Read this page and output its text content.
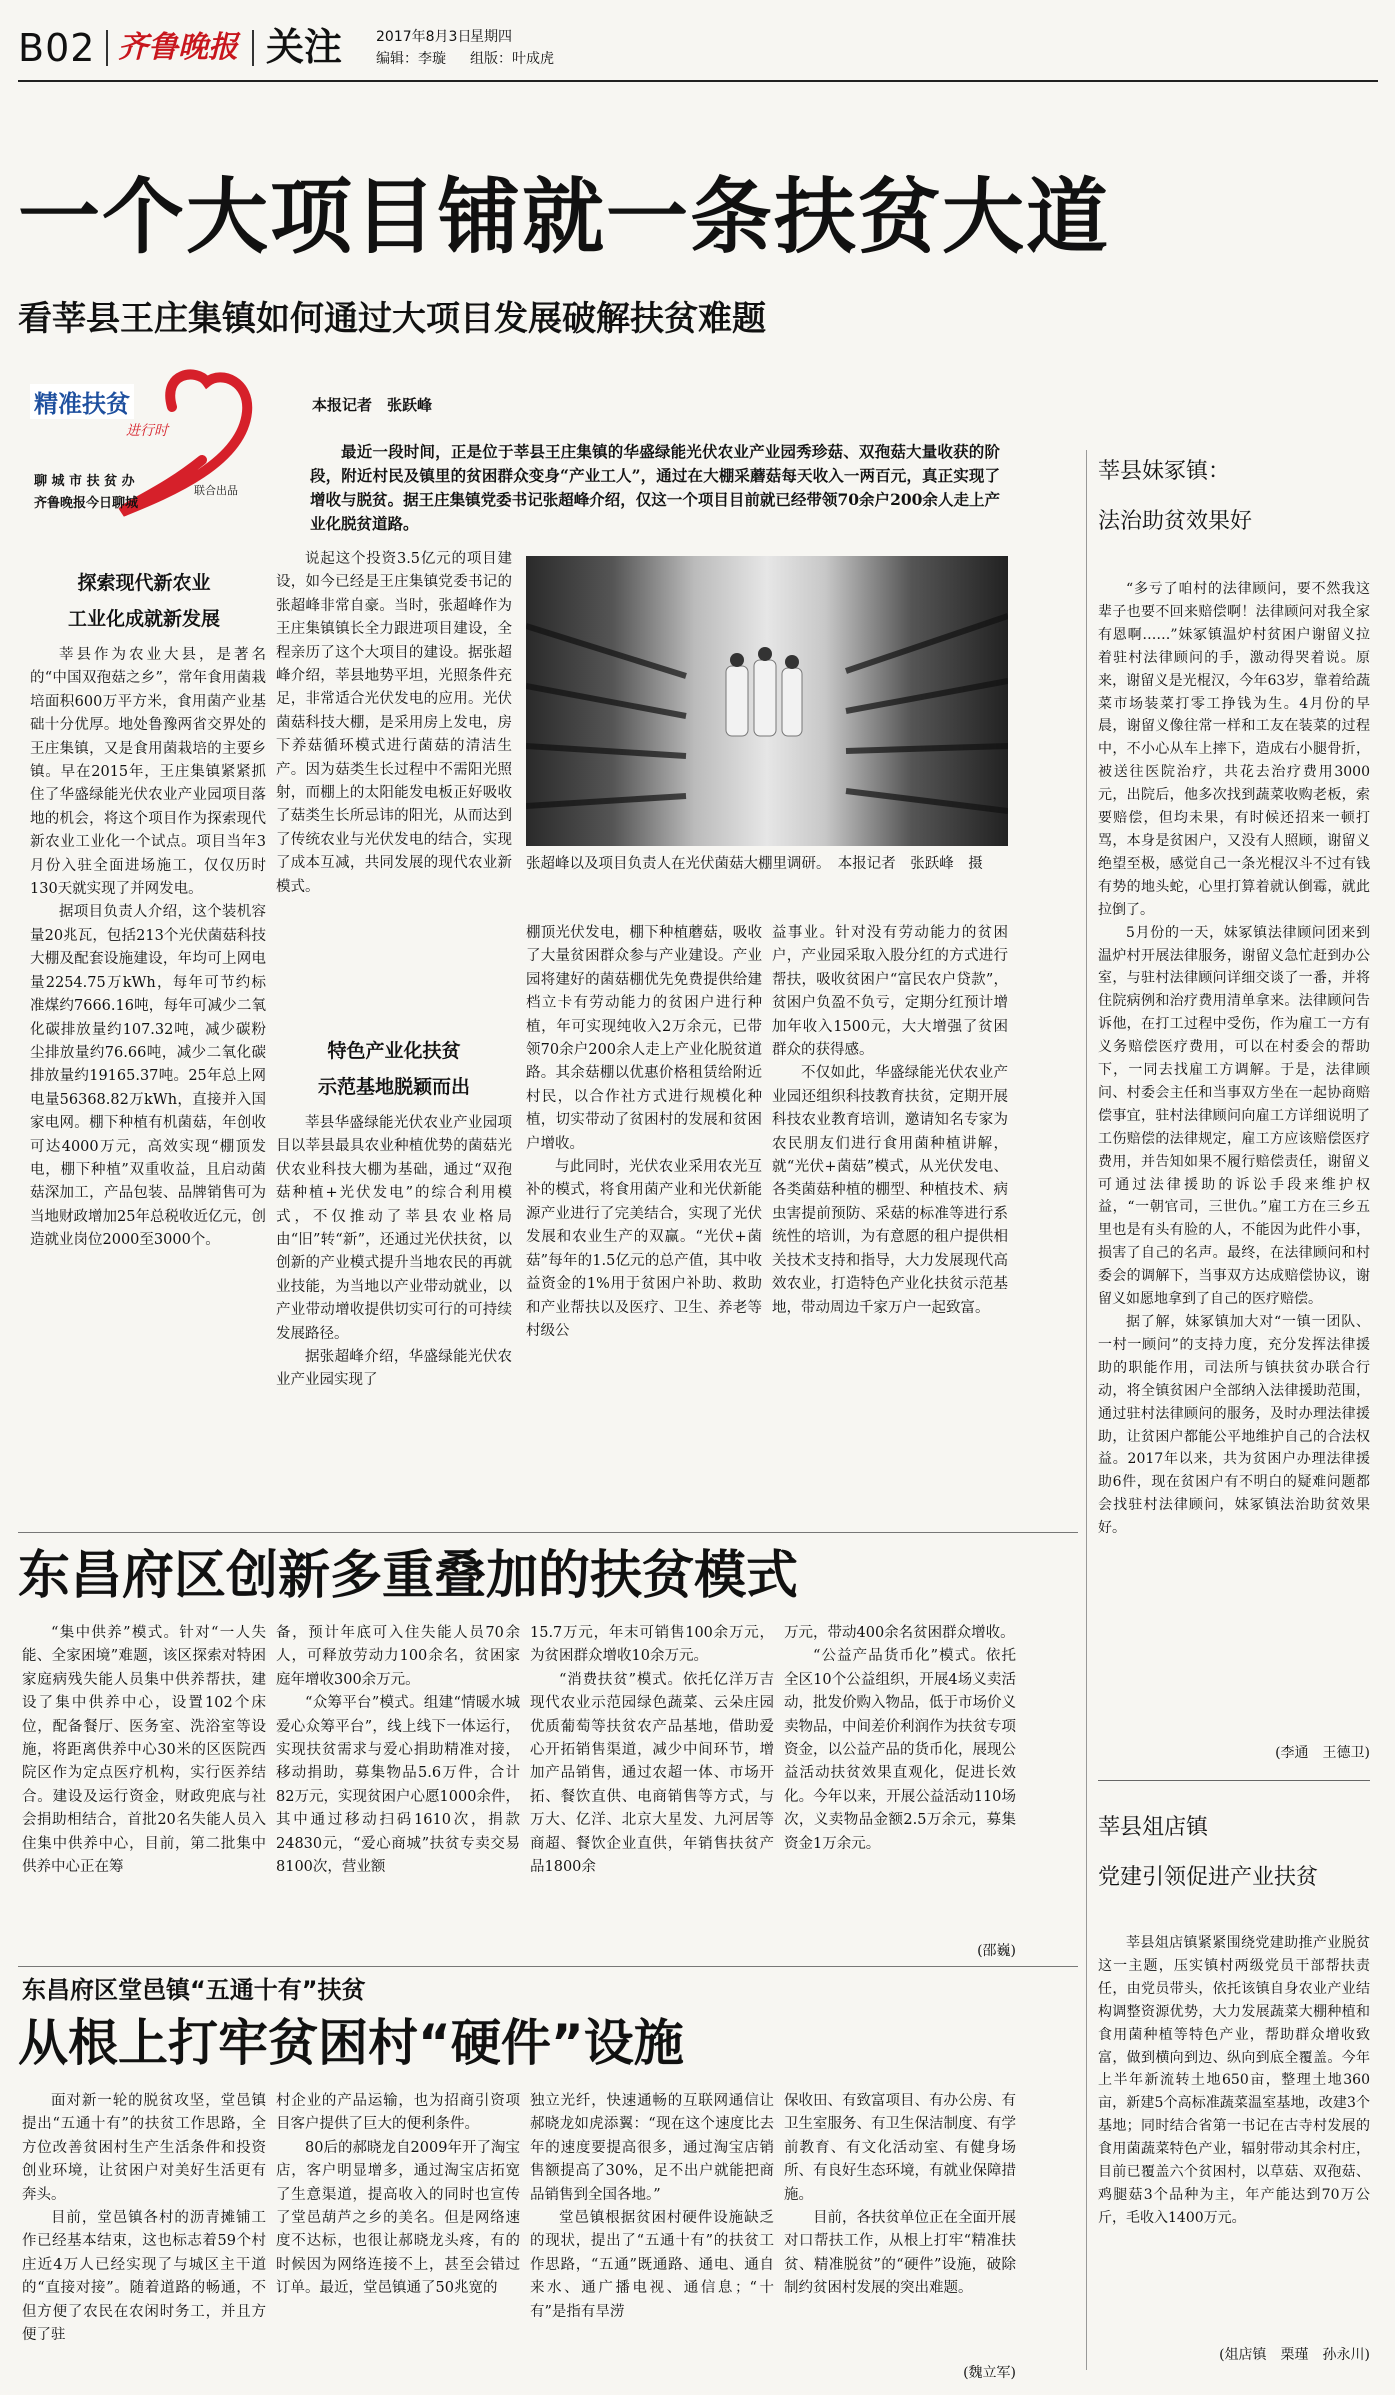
B02 齐鲁晚报 关注 2017年8月3日
星期四
编辑：李璇 组版：叶成虎
一个大项目铺就一条扶贫大道
看莘县王庄集镇如何通过大项目发展破解扶贫难题
精准扶贫
进行时
聊 城 市 扶 贫 办
齐鲁晚报今日聊城
联合出品
本报记者　张跃峰

最近一段时间，正是位于莘县王庄集镇的华盛绿能光伏农业产业园秀珍菇、双孢菇大量收获的阶段，附近村民及镇里的贫困群众变身“产业工人”，通过在大棚采蘑菇每天收入一两百元，真正实现了增收与脱贫。据王庄集镇党委书记张超峰介绍，仅这一个项目目前就已经带领70余户200余人走上产业化脱贫道路。

探索现代新农业
工业化成就新发展

莘县作为农业大县，是著名的“中国双孢菇之乡”，常年食用菌栽培面积600万平方米，食用菌产业基础十分优厚。地处鲁豫两省交界处的王庄集镇，又是食用菌栽培的主要乡镇。早在2015年，王庄集镇紧紧抓住了华盛绿能光伏农业产业园项目落地的机会，将这个项目作为探索现代新农业工业化一个试点。项目当年3月份入驻全面进场施工，仅仅历时130天就实现了并网发电。

据项目负责人介绍，这个装机容量20兆瓦，包括213个光伏菌菇科技大棚及配套设施建设，年均可上网电量2254.75万kWh，每年可节约标准煤约7666.16吨，每年可减少二氧化碳排放量约107.32吨，减少碳粉尘排放量约76.66吨，减少二氧化碳排放量约19165.37吨。25年总上网电量56368.82万kWh，直接并入国家电网。棚下种植有机菌菇，年创收可达4000万元，高效实现“棚顶发电，棚下种植”双重收益，且启动菌菇深加工，产品包装、品牌销售可为当地财政增加25年总税收近亿元，创造就业岗位2000至3000个。

说起这个投资3.5亿元的项目建设，如今已经是王庄集镇党委书记的张超峰非常自豪。当时，张超峰作为王庄集镇镇长全力跟进项目建设，全程亲历了这个大项目的建设。据张超峰介绍，莘县地势平坦，光照条件充足，非常适合光伏发电的应用。光伏菌菇科技大棚，是采用房上发电，房下养菇循环模式进行菌菇的清洁生产。因为菇类生长过程中不需阳光照射，而棚上的太阳能发电板正好吸收了菇类生长所忌讳的阳光，从而达到了传统农业与光伏发电的结合，实现了成本互减，共同发展的现代农业新模式。

特色产业化扶贫
示范基地脱颖而出

莘县华盛绿能光伏农业产业园项目以莘县最具农业种植优势的菌菇光伏农业科技大棚为基础，通过“双孢菇种植+光伏发电”的综合利用模式，不仅推动了莘县农业格局由“旧”转“新”，还通过光伏扶贫，以创新的产业模式提升当地农民的再就业技能，为当地以产业带动就业，以产业带动增收提供切实可行的可持续发展路径。

据张超峰介绍，华盛绿能光伏农业产业园实现了

张超峰以及项目负责人在光伏菌菇大棚里调研。　本报记者　张跃峰　摄

棚顶光伏发电，棚下种植蘑菇，吸收了大量贫困群众参与产业建设。产业园将建好的菌菇棚优先免费提供给建档立卡有劳动能力的贫困户进行种植，年可实现纯收入2万余元，已带领70余户200余人走上产业化脱贫道路。其余菇棚以优惠价格租赁给附近村民，以合作社方式进行规模化种植，切实带动了贫困村的发展和贫困户增收。

与此同时，光伏农业采用农光互补的模式，将食用菌产业和光伏新能源产业进行了完美结合，实现了光伏发展和农业生产的双赢。“光伏+菌菇”每年的1.5亿元的总产值，其中收益资金的1%用于贫困户补助、救助和产业帮扶以及医疗、卫生、养老等村级公

益事业。针对没有劳动能力的贫困户，产业园采取入股分红的方式进行帮扶，吸收贫困户“富民农户贷款”，贫困户负盈不负亏，定期分红预计增加年收入1500元，大大增强了贫困群众的获得感。

不仅如此，华盛绿能光伏农业产业园还组织科技教育扶贫，定期开展科技农业教育培训，邀请知名专家为农民朋友们进行食用菌种植讲解，就“光伏+菌菇”模式，从光伏发电、各类菌菇种植的棚型、种植技术、病虫害提前预防、采菇的标准等进行系统性的培训，为有意愿的租户提供相关技术支持和指导，大力发展现代高效农业，打造特色产业化扶贫示范基地，带动周边千家万户一起致富。

莘县妹冢镇：
法治助贫效果好

“多亏了咱村的法律顾问，要不然我这辈子也要不回来赔偿啊！法律顾问对我全家有恩啊……”妹冢镇温炉村贫困户谢留义拉着驻村法律顾问的手，激动得哭着说。原来，谢留义是光棍汉，今年63岁，靠着给蔬菜市场装菜打零工挣钱为生。4月份的早晨，谢留义像往常一样和工友在装菜的过程中，不小心从车上摔下，造成右小腿骨折，被送往医院治疗，共花去治疗费用3000元，出院后，他多次找到蔬菜收购老板，索要赔偿，但均未果，有时候还招来一顿打骂，本身是贫困户，又没有人照顾，谢留义绝望至极，感觉自己一条光棍汉斗不过有钱有势的地头蛇，心里打算着就认倒霉，就此拉倒了。

5月份的一天，妹冢镇法律顾问团来到温炉村开展法律服务，谢留义急忙赶到办公室，与驻村法律顾问详细交谈了一番，并将住院病例和治疗费用清单拿来。法律顾问告诉他，在打工过程中受伤，作为雇工一方有义务赔偿医疗费用，可以在村委会的帮助下，一同去找雇工方调解。于是，法律顾问、村委会主任和当事双方坐在一起协商赔偿事宜，驻村法律顾问向雇工方详细说明了工伤赔偿的法律规定，雇工方应该赔偿医疗费用，并告知如果不履行赔偿责任，谢留义可通过法律援助的诉讼手段来维护权益，“一朝官司，三世仇。”雇工方在三乡五里也是有头有脸的人，不能因为此件小事，损害了自己的名声。最终，在法律顾问和村委会的调解下，当事双方达成赔偿协议，谢留义如愿地拿到了自己的医疗赔偿。

据了解，妹冢镇加大对“一镇一团队、一村一顾问”的支持力度，充分发挥法律援助的职能作用，司法所与镇扶贫办联合行动，将全镇贫困户全部纳入法律援助范围，通过驻村法律顾问的服务，及时办理法律援助，让贫困户都能公平地维护自己的合法权益。2017年以来，共为贫困户办理法律援助6件，现在贫困户有不明白的疑难问题都会找驻村法律顾问，妹冢镇法治助贫效果好。

(李通　王德卫)
莘县俎店镇
党建引领促进产业扶贫

莘县俎店镇紧紧围绕党建助推产业脱贫这一主题，压实镇村两级党员干部帮扶责任，由党员带头，依托该镇自身农业产业结构调整资源优势，大力发展蔬菜大棚种植和食用菌种植等特色产业，帮助群众增收致富，做到横向到边、纵向到底全覆盖。今年上半年新流转土地650亩，整理土地360亩，新建5个高标准蔬菜温室基地，改建3个基地；同时结合省第一书记在古寺村发展的食用菌蔬菜特色产业，辐射带动其余村庄，目前已覆盖六个贫困村，以草菇、双孢菇、鸡腿菇3个品种为主，年产能达到70万公斤，毛收入1400万元。

(俎店镇　栗瑾　孙永川)
东昌府区创新多重叠加的扶贫模式

“集中供养”模式。针对“一人失能、全家困境”难题，该区探索对特困家庭病残失能人员集中供养帮扶，建设了集中供养中心，设置102个床位，配备餐厅、医务室、洗浴室等设施，将距离供养中心30米的区医院西院区作为定点医疗机构，实行医养结合。建设及运行资金，财政兜底与社会捐助相结合，首批20名失能人员入住集中供养中心，目前，第二批集中供养中心正在筹

备，预计年底可入住失能人员70余人，可释放劳动力100余名，贫困家庭年增收300余万元。

“众筹平台”模式。组建“情暖水城爱心众筹平台”，线上线下一体运行，实现扶贫需求与爱心捐助精准对接，移动捐助，募集物品5.6万件，合计82万元，实现贫困户心愿1000余件，其中通过移动扫码1610次，捐款24830元，“爱心商城”扶贫专卖交易8100次，营业额

15.7万元，年末可销售100余万元，为贫困群众增收10余万元。

“消费扶贫”模式。依托亿洋万吉现代农业示范园绿色蔬菜、云朵庄园优质葡萄等扶贫农产品基地，借助爱心开拓销售渠道，减少中间环节，增加产品销售，通过农超一体、市场开拓、餐饮直供、电商销售等方式，与万大、亿洋、北京大星发、九河居等商超、餐饮企业直供，年销售扶贫产品1800余

万元，带动400余名贫困群众增收。

“公益产品货币化”模式。依托全区10个公益组织，开展4场义卖活动，批发价购入物品，低于市场价义卖物品，中间差价利润作为扶贫专项资金，以公益产品的货币化，展现公益活动扶贫效果直观化，促进长效化。今年以来，开展公益活动110场次，义卖物品金额2.5万余元，募集资金1万余元。

(邵巍)
东昌府区堂邑镇“五通十有”扶贫
从根上打牢贫困村“硬件”设施

面对新一轮的脱贫攻坚，堂邑镇提出“五通十有”的扶贫工作思路，全方位改善贫困村生产生活条件和投资创业环境，让贫困户对美好生活更有奔头。

目前，堂邑镇各村的沥青摊铺工作已经基本结束，这也标志着59个村庄近4万人已经实现了与城区主干道的“直接对接”。随着道路的畅通，不但方便了农民在农闲时务工，并且方便了驻

村企业的产品运输，也为招商引资项目客户提供了巨大的便利条件。

80后的郝晓龙自2009年开了淘宝店，客户明显增多，通过淘宝店拓宽了生意渠道，提高收入的同时也宣传了堂邑葫芦之乡的美名。但是网络速度不达标，也很让郝晓龙头疼，有的时候因为网络连接不上，甚至会错过订单。最近，堂邑镇通了50兆宽的

独立光纤，快速通畅的互联网通信让郝晓龙如虎添翼：“现在这个速度比去年的速度要提高很多，通过淘宝店销售额提高了30%，足不出户就能把商品销售到全国各地。”

堂邑镇根据贫困村硬件设施缺乏的现状，提出了“五通十有”的扶贫工作思路，“五通”既通路、通电、通自来水、通广播电视、通信息；“十有”是指有旱涝

保收田、有致富项目、有办公房、有卫生室服务、有卫生保洁制度、有学前教育、有文化活动室、有健身场所、有良好生态环境，有就业保障措施。

目前，各扶贫单位正在全面开展对口帮扶工作，从根上打牢“精准扶贫、精准脱贫”的“硬件”设施，破除制约贫困村发展的突出难题。

(魏立军)
